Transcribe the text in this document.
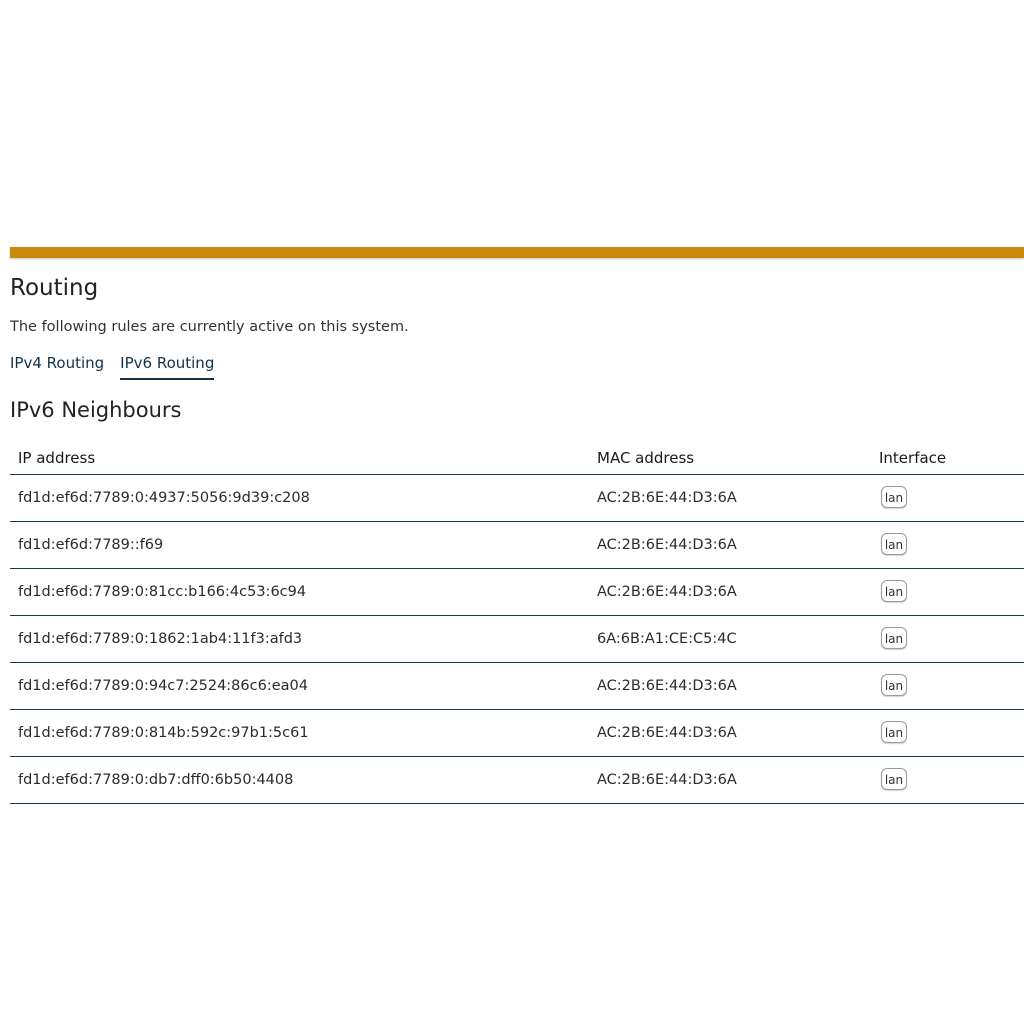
Routing

The following rules are currently active on this system.

IPv4 Routing IPv6 Routing
IPv6 Neighbours
IP address	MAC address	Interface
fd1d:ef6d:7789:0:4937:5056:9d39:c208	AC:2B:6E:44:D3:6A	lan
fd1d:ef6d:7789::f69	AC:2B:6E:44:D3:6A	lan
fd1d:ef6d:7789:0:81cc:b166:4c53:6c94	AC:2B:6E:44:D3:6A	lan
fd1d:ef6d:7789:0:1862:1ab4:11f3:afd3	6A:6B:A1:CE:C5:4C	lan
fd1d:ef6d:7789:0:94c7:2524:86c6:ea04	AC:2B:6E:44:D3:6A	lan
fd1d:ef6d:7789:0:814b:592c:97b1:5c61	AC:2B:6E:44:D3:6A	lan
fd1d:ef6d:7789:0:db7:dff0:6b50:4408	AC:2B:6E:44:D3:6A	lan
